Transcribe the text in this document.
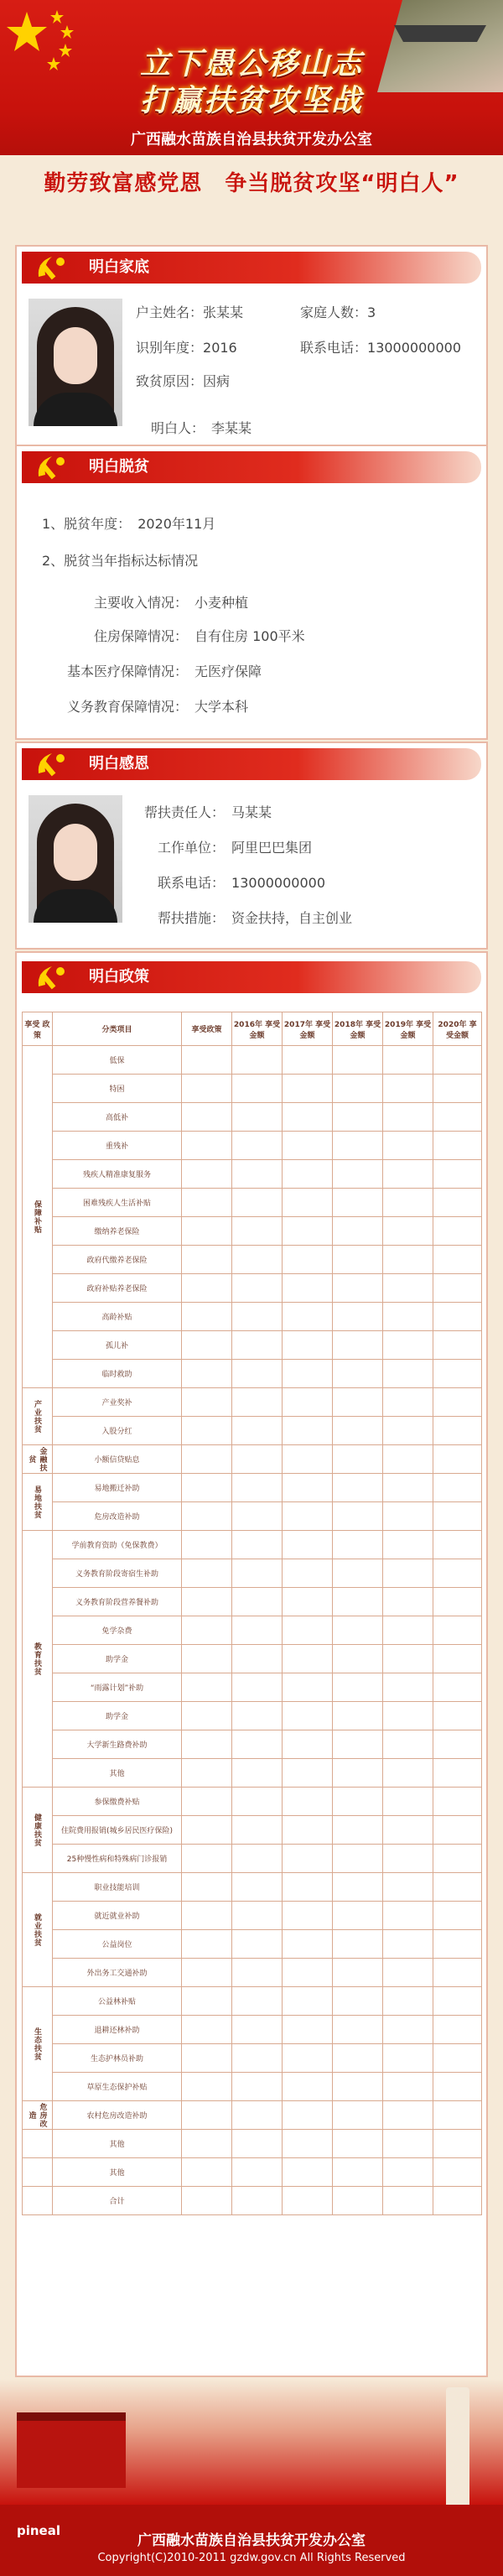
立下愚公移山志
打赢扶贫攻坚战
广西融水苗族自治县扶贫开发办公室
勤劳致富感党恩　争当脱贫攻坚“明白人”
明白家底
户主姓名：张某某	家庭人数：3
识别年度：2016	联系电话：13000000000
致贫原因：因病
明白人：　 李某某
明白脱贫
1、脱贫年度：　 2020年11月
2、脱贫当年指标达标情况
主要收入情况：　 小麦种植
住房保障情况：　 自有住房 100平米
基本医疗保障情况：　 无医疗保障
义务教育保障情况：　 大学本科
明白感恩
帮扶责任人：　 马某某
工作单位：　 阿里巴巴集团
联系电话：　 13000000000
帮扶措施：　 资金扶持，自主创业
明白政策
享受 政策	分类项目	享受政策	2016年 享受金额	2017年 享受金额	2018年 享受金额	2019年 享受金额	2020年 享受金额
保障补贴	低保						
	特困						
	高低补						
	重残补						
	残疾人精准康复服务						
	困难残疾人生活补贴						
	缴纳养老保险						
	政府代缴养老保险						
	政府补贴养老保险						
	高龄补贴						
	孤儿补						
	临时救助						
产业扶贫	产业奖补						
	入股分红						
金融扶贫	小额信贷贴息						
易地扶贫	易地搬迁补助						
	危房改造补助						
教育扶贫	学前教育资助（免保教费）						
	义务教育阶段寄宿生补助						
	义务教育阶段营养餐补助						
	免学杂费						
	助学金						
	“雨露计划”补助						
	助学金						
	大学新生路费补助						
	其他						
健康扶贫	参保缴费补贴						
	住院费用报销(城乡居民医疗保险)						
	25种慢性病和特殊病门诊报销						
就业扶贫	职业技能培训						
	就近就业补助						
	公益岗位						
	外出务工交通补助						
生态扶贫	公益林补贴						
	退耕还林补助						
	生态护林员补助						
	草原生态保护补贴						
危房改造	农村危房改造补助						
	其他						
	其他						
	合计						
pineal
广西融水苗族自治县扶贫开发办公室
Copyright(C)2010-2011 gzdw.gov.cn All Rights Reserved
